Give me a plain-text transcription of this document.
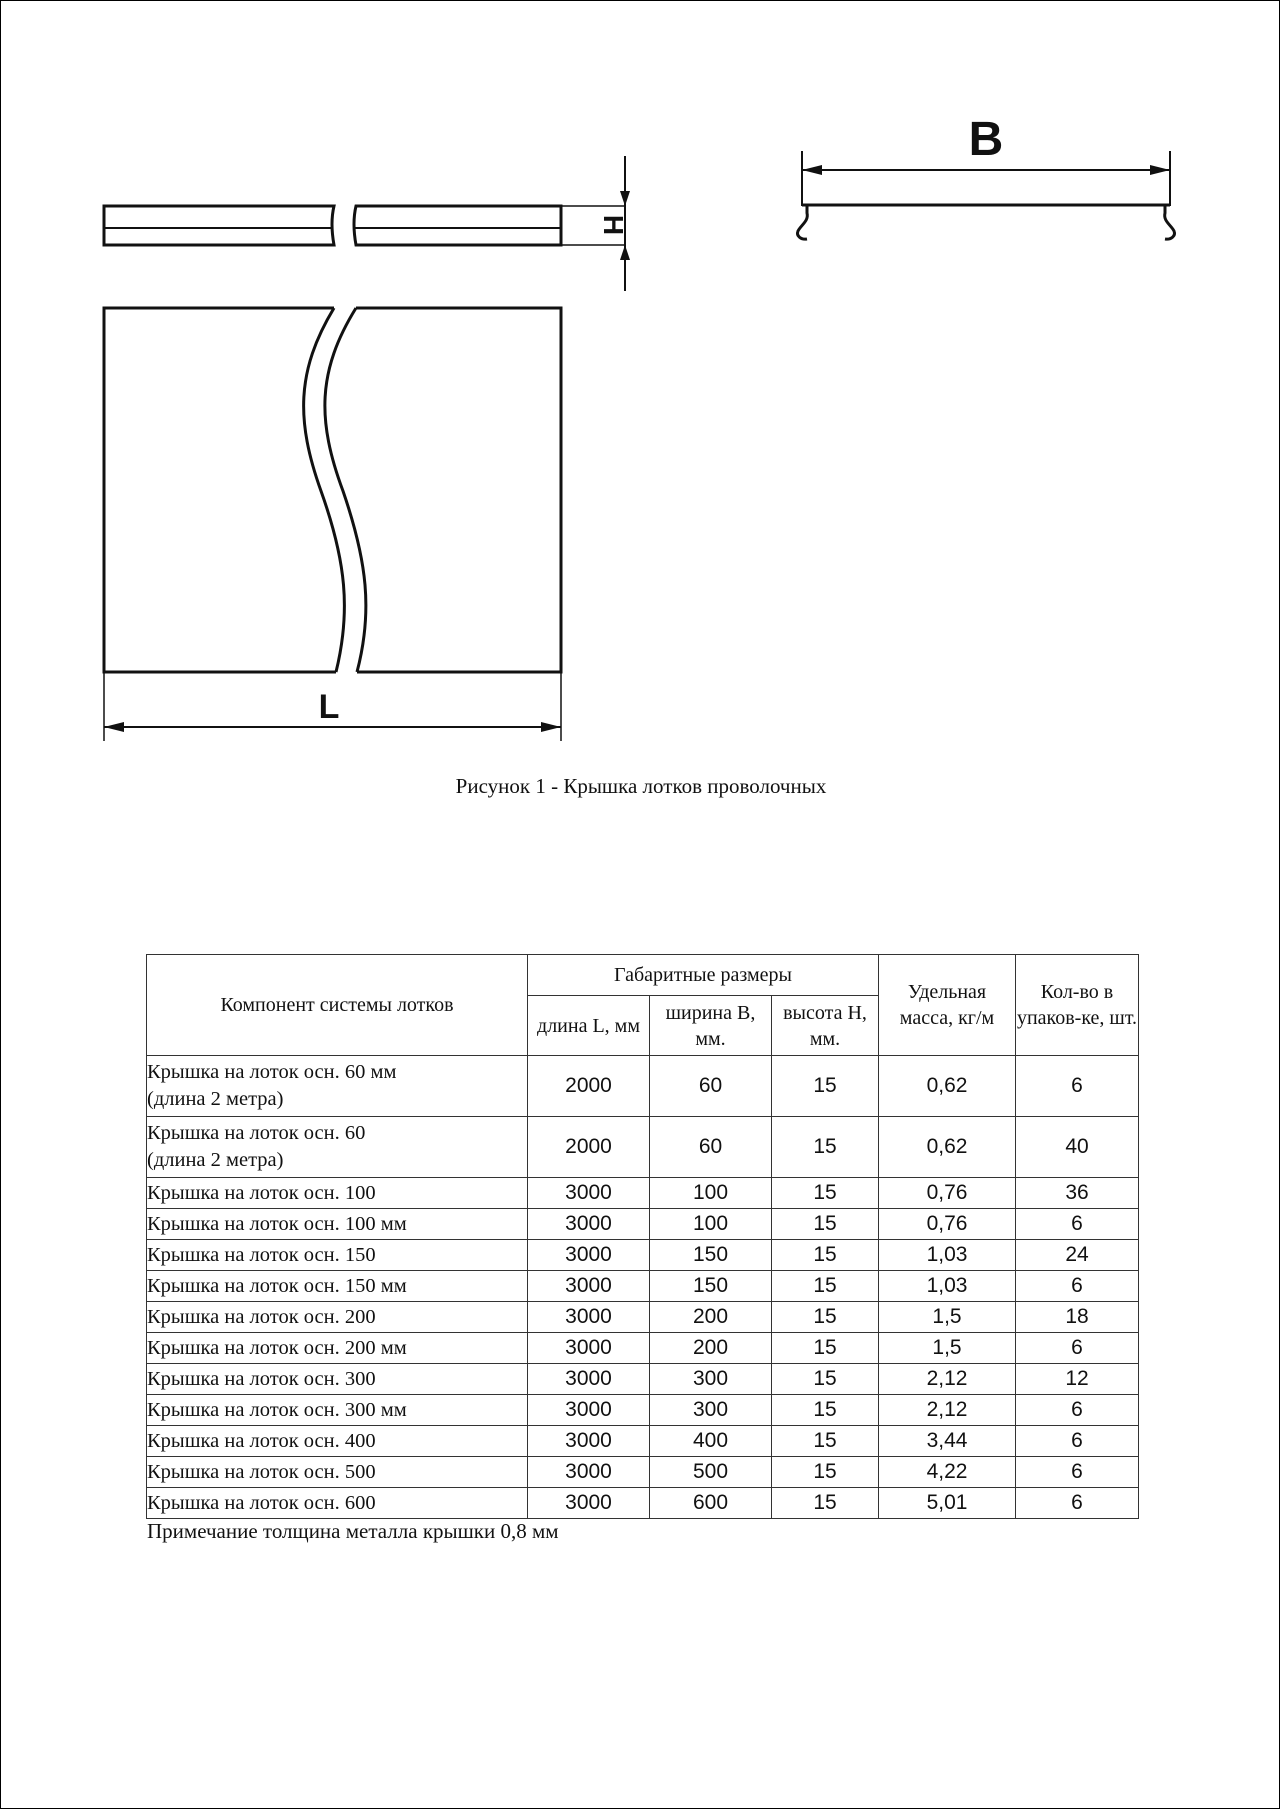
H
L
B
Рисунок 1 - Крышка лотков проволочных
Компонент системы лотков	Габаритные размеры			Удельная масса, кг/м	Кол-во в упаков-ке, шт.
	длина L, мм	ширина B, мм.	высота H, мм.		
Крышка на лоток осн. 60 мм
(длина 2 метра)	2000	60	15	0,62	6
Крышка на лоток осн. 60
(длина 2 метра)	2000	60	15	0,62	40
Крышка на лоток осн. 100	3000	100	15	0,76	36
Крышка на лоток осн. 100 мм	3000	100	15	0,76	6
Крышка на лоток осн. 150	3000	150	15	1,03	24
Крышка на лоток осн. 150 мм	3000	150	15	1,03	6
Крышка на лоток осн. 200	3000	200	15	1,5	18
Крышка на лоток осн. 200 мм	3000	200	15	1,5	6
Крышка на лоток осн. 300	3000	300	15	2,12	12
Крышка на лоток осн. 300 мм	3000	300	15	2,12	6
Крышка на лоток осн. 400	3000	400	15	3,44	6
Крышка на лоток осн. 500	3000	500	15	4,22	6
Крышка на лоток осн. 600	3000	600	15	5,01	6
Примечание толщина металла крышки 0,8 мм
